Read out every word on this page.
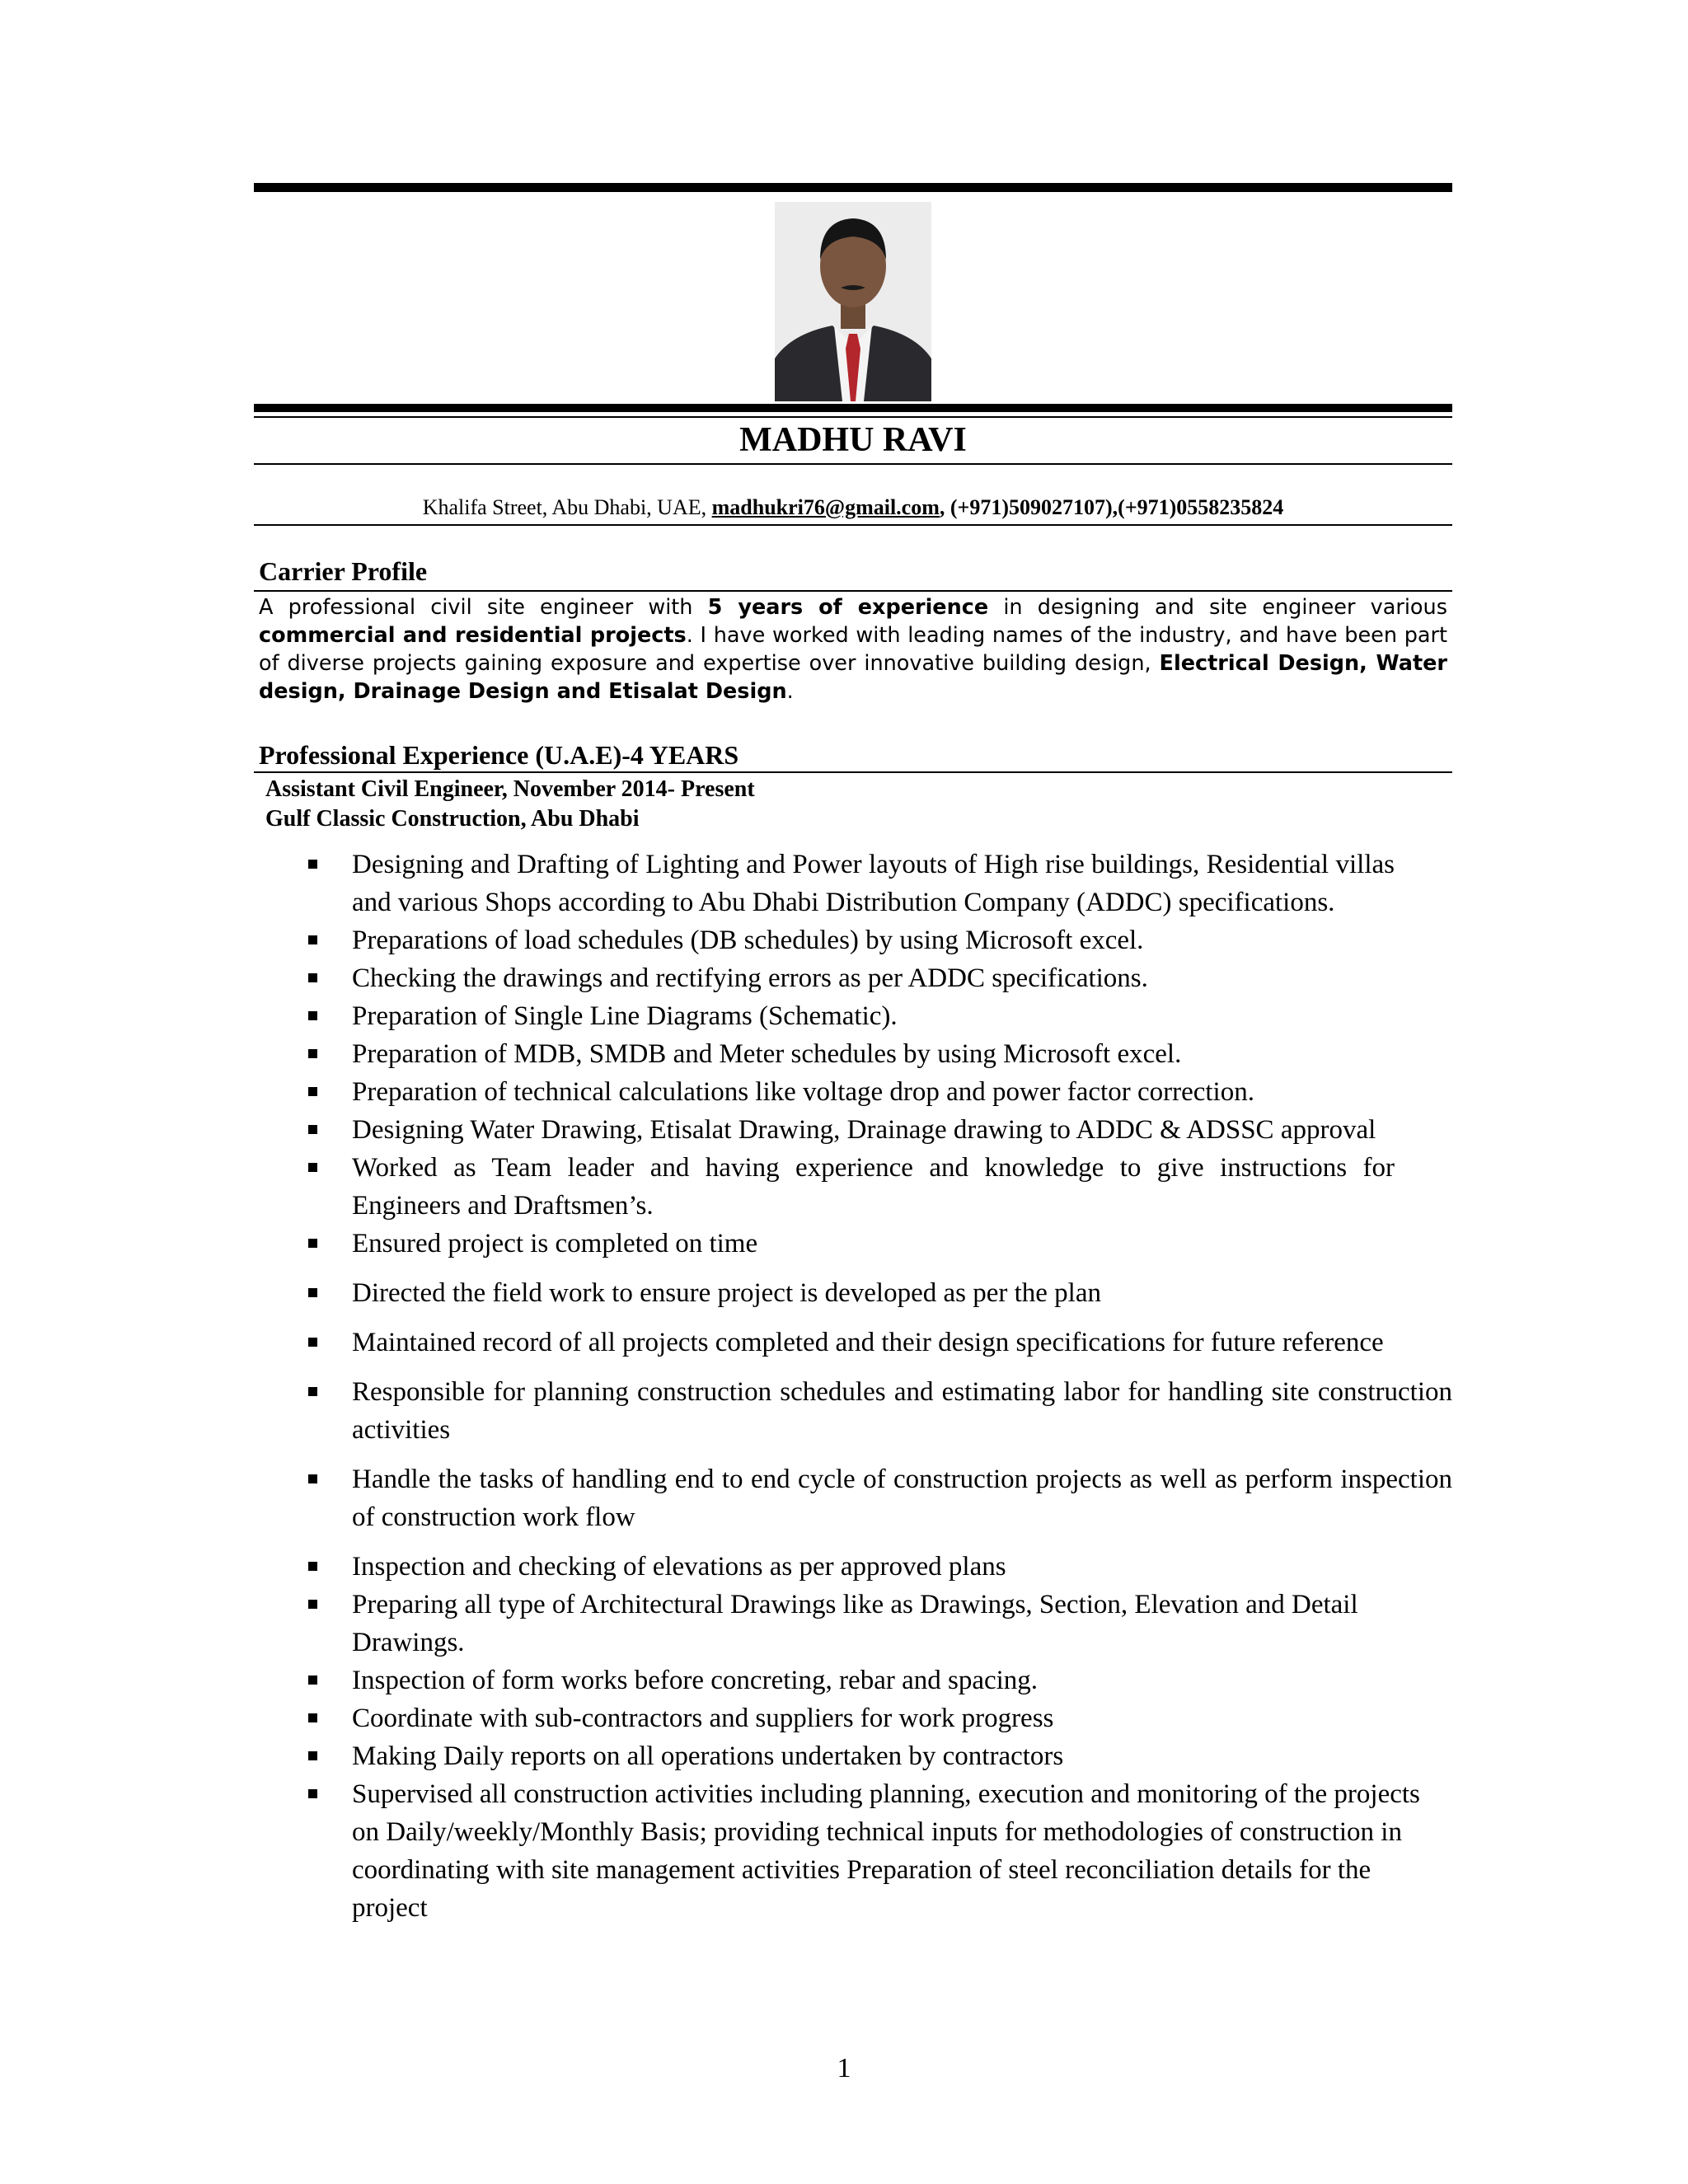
MADHU RAVI
Khalifa Street, Abu Dhabi, UAE, madhukri76@gmail.com, (+971)509027107),(+971)0558235824
Carrier Profile
A professional civil site engineer with 5 years of experience in designing and site engineer various commercial and residential projects. I have worked with leading names of the industry, and have been part of diverse projects gaining exposure and expertise over innovative building design, Electrical Design, Water design, Drainage Design and Etisalat Design.
Professional Experience (U.A.E)-4 YEARS
Assistant Civil Engineer, November 2014- Present
Gulf Classic Construction, Abu Dhabi
Designing and Drafting of Lighting and Power layouts of High rise buildings, Residential villas and various Shops according to Abu Dhabi Distribution Company (ADDC) specifications.
Preparations of load schedules (DB schedules) by using Microsoft excel.
Checking the drawings and rectifying errors as per ADDC specifications.
Preparation of Single Line Diagrams (Schematic).
Preparation of MDB, SMDB and Meter schedules by using Microsoft excel.
Preparation of technical calculations like voltage drop and power factor correction.
Designing Water Drawing, Etisalat Drawing, Drainage drawing to ADDC & ADSSC approval
Worked as Team leader and having experience and knowledge to give instructions for Engineers and Draftsmen’s.
Ensured project is completed on time
Directed the field work to ensure project is developed as per the plan
Maintained record of all projects completed and their design specifications for future reference
Responsible for planning construction schedules and estimating labor for handling site construction activities
Handle the tasks of handling end to end cycle of construction projects as well as perform inspection of construction work flow
Inspection and checking of elevations as per approved plans
Preparing all type of Architectural Drawings like as Drawings, Section, Elevation and Detail Drawings.
Inspection of form works before concreting, rebar and spacing.
Coordinate with sub-contractors and suppliers for work progress
Making Daily reports on all operations undertaken by contractors
Supervised all construction activities including planning, execution and monitoring of the projects on Daily/weekly/Monthly Basis; providing technical inputs for methodologies of construction in coordinating with site management activities Preparation of steel reconciliation details for the project
1
